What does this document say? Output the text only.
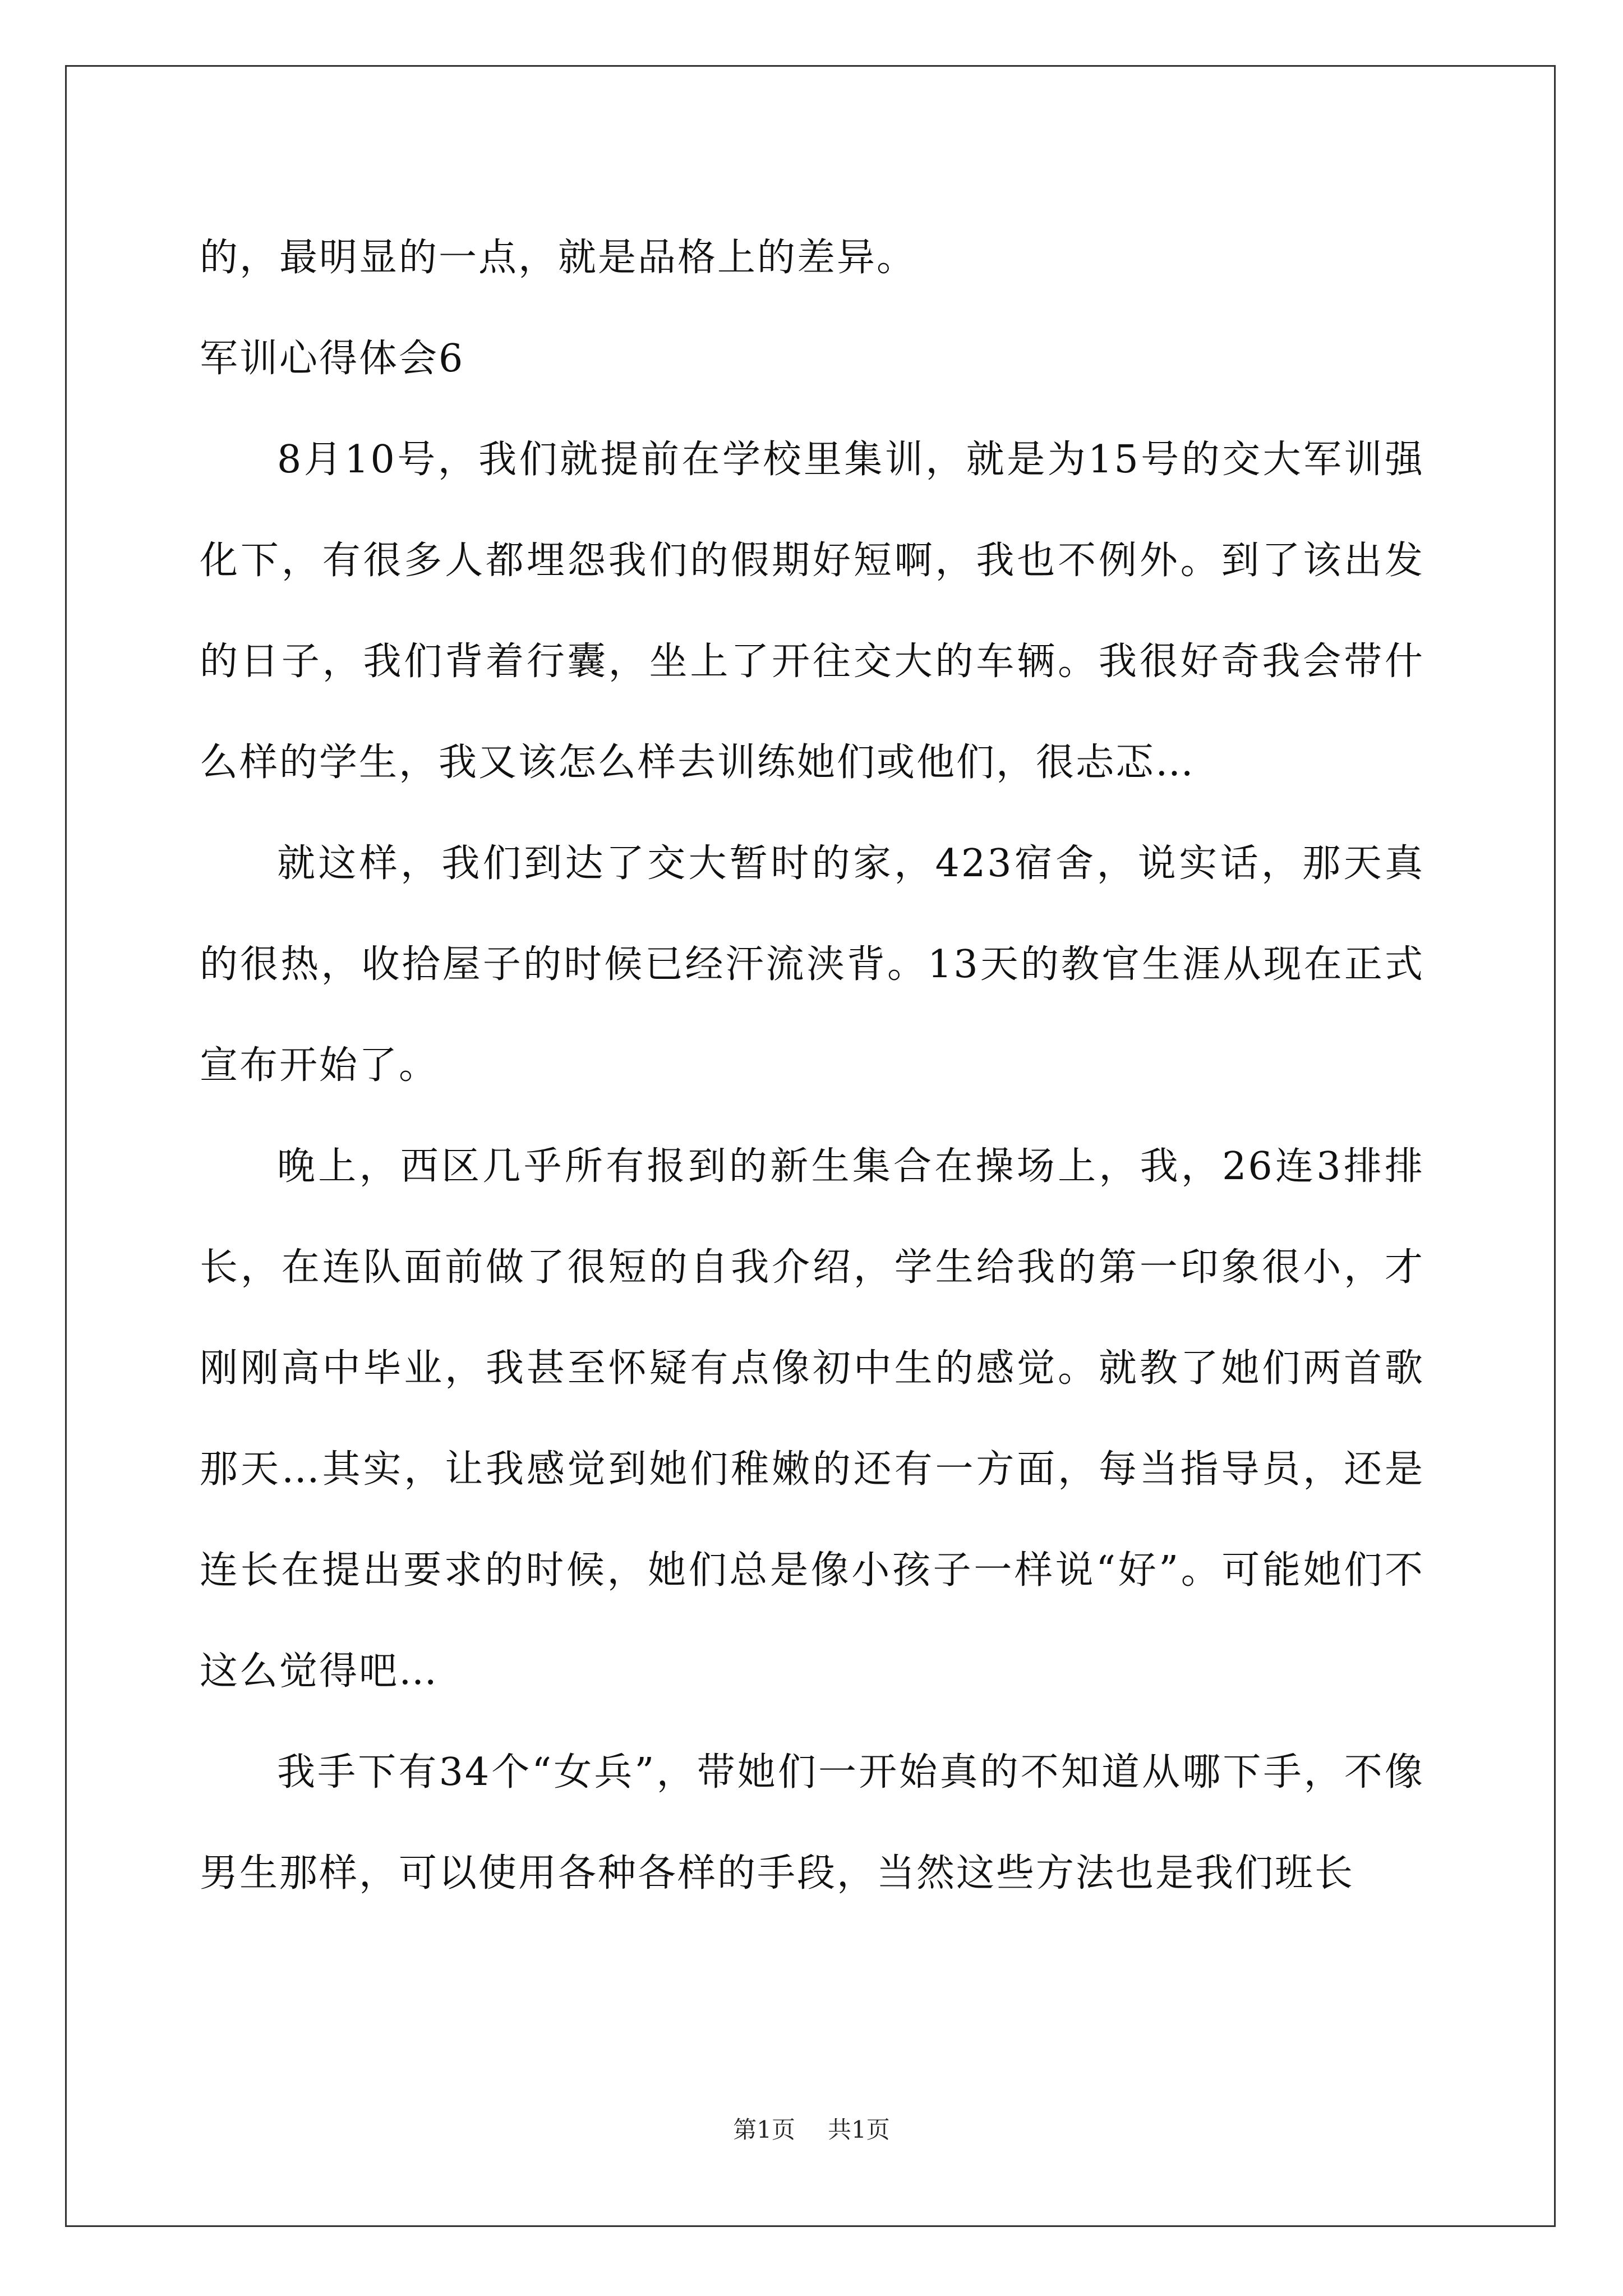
的，最明显的一点，就是品格上的差异。

军训心得体会6

8月10号，我们就提前在学校里集训，就是为15号的交大军训强化下，有很多人都埋怨我们的假期好短啊，我也不例外。到了该出发的日子，我们背着行囊，坐上了开往交大的车辆。我很好奇我会带什么样的学生，我又该怎么样去训练她们或他们，很忐忑…

就这样，我们到达了交大暂时的家，423宿舍，说实话，那天真的很热，收拾屋子的时候已经汗流浃背。13天的教官生涯从现在正式宣布开始了。

晚上，西区几乎所有报到的新生集合在操场上，我，26连3排排长，在连队面前做了很短的自我介绍，学生给我的第一印象很小，才刚刚高中毕业，我甚至怀疑有点像初中生的感觉。就教了她们两首歌那天…其实，让我感觉到她们稚嫩的还有一方面，每当指导员，还是连长在提出要求的时候，她们总是像小孩子一样说“好”。可能她们不这么觉得吧…

我手下有34个“女兵”，带她们一开始真的不知道从哪下手，不像男生那样，可以使用各种各样的手段，当然这些方法也是我们班长

第1页 共1页
